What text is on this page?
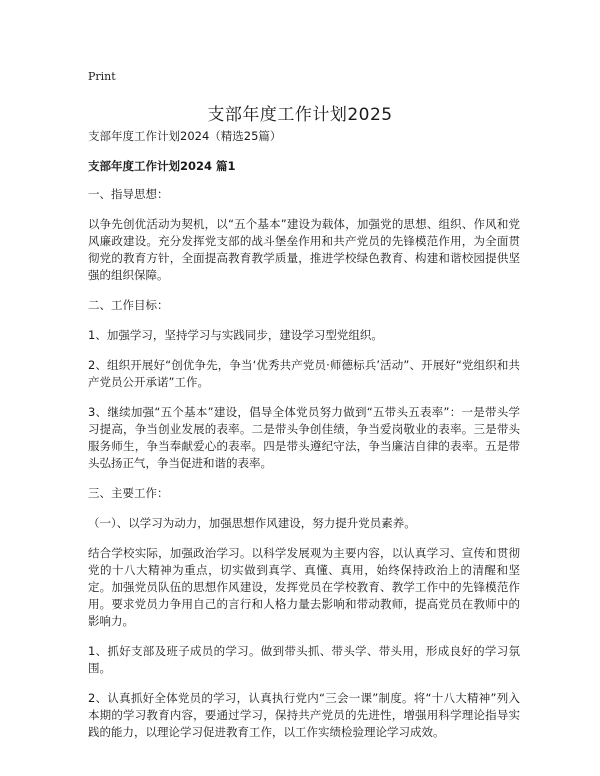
Print
支部年度工作计划2025

支部年度工作计划2024（精选25篇）

支部年度工作计划2024 篇1

一、指导思想：

以争先创优活动为契机，以“五个基本”建设为载体，加强党的思想、组织、作风和党风廉政建设。充分发挥党支部的战斗堡垒作用和共产党员的先锋模范作用，为全面贯彻党的教育方针，全面提高教育教学质量，推进学校绿色教育、构建和谐校园提供坚强的组织保障。

二、工作目标：

1、加强学习，坚持学习与实践同步，建设学习型党组织。

2、组织开展好“创优争先，争当‘优秀共产党员·师德标兵’活动”、开展好“党组织和共产党员公开承诺”工作。

3、继续加强“五个基本”建设，倡导全体党员努力做到“五带头五表率”：一是带头学习提高，争当创业发展的表率。二是带头争创佳绩，争当爱岗敬业的表率。三是带头服务师生，争当奉献爱心的表率。四是带头遵纪守法，争当廉洁自律的表率。五是带头弘扬正气，争当促进和谐的表率。

三、主要工作：

（一）、以学习为动力，加强思想作风建设，努力提升党员素养。

结合学校实际，加强政治学习。以科学发展观为主要内容，以认真学习、宣传和贯彻党的十八大精神为重点，切实做到真学、真懂、真用，始终保持政治上的清醒和坚定。加强党员队伍的思想作风建设，发挥党员在学校教育、教学工作中的先锋模范作用。要求党员力争用自己的言行和人格力量去影响和带动教师，提高党员在教师中的影响力。

1、抓好支部及班子成员的学习。做到带头抓、带头学、带头用，形成良好的学习氛围。

2、认真抓好全体党员的学习，认真执行党内“三会一课”制度。将“十八大精神”列入本期的学习教育内容，要通过学习，保持共产党员的先进性，增强用科学理论指导实践的能力，以理论学习促进教育工作，以工作实绩检验理论学习成效。
